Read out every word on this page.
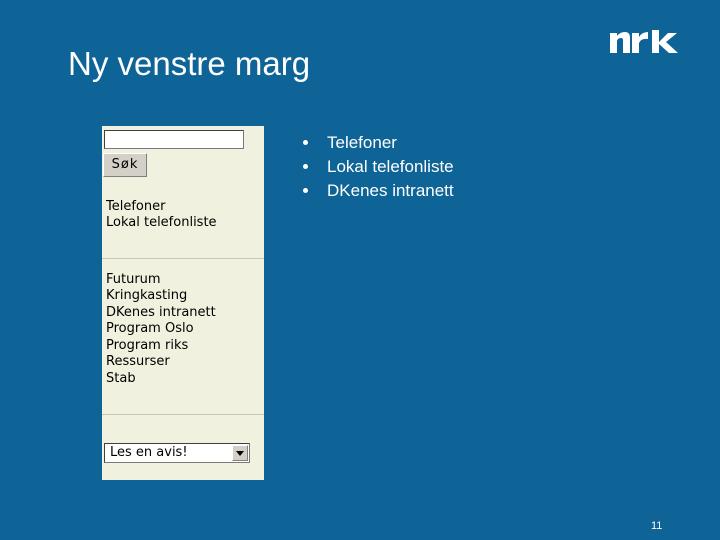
Ny venstre marg
Søk
Telefoner
Lokal telefonliste
Futurum
Kringkasting
DKenes intranett
Program Oslo
Program riks
Ressurser
Stab
Les en avis!
Telefoner
Lokal telefonliste
DKenes intranett
11
